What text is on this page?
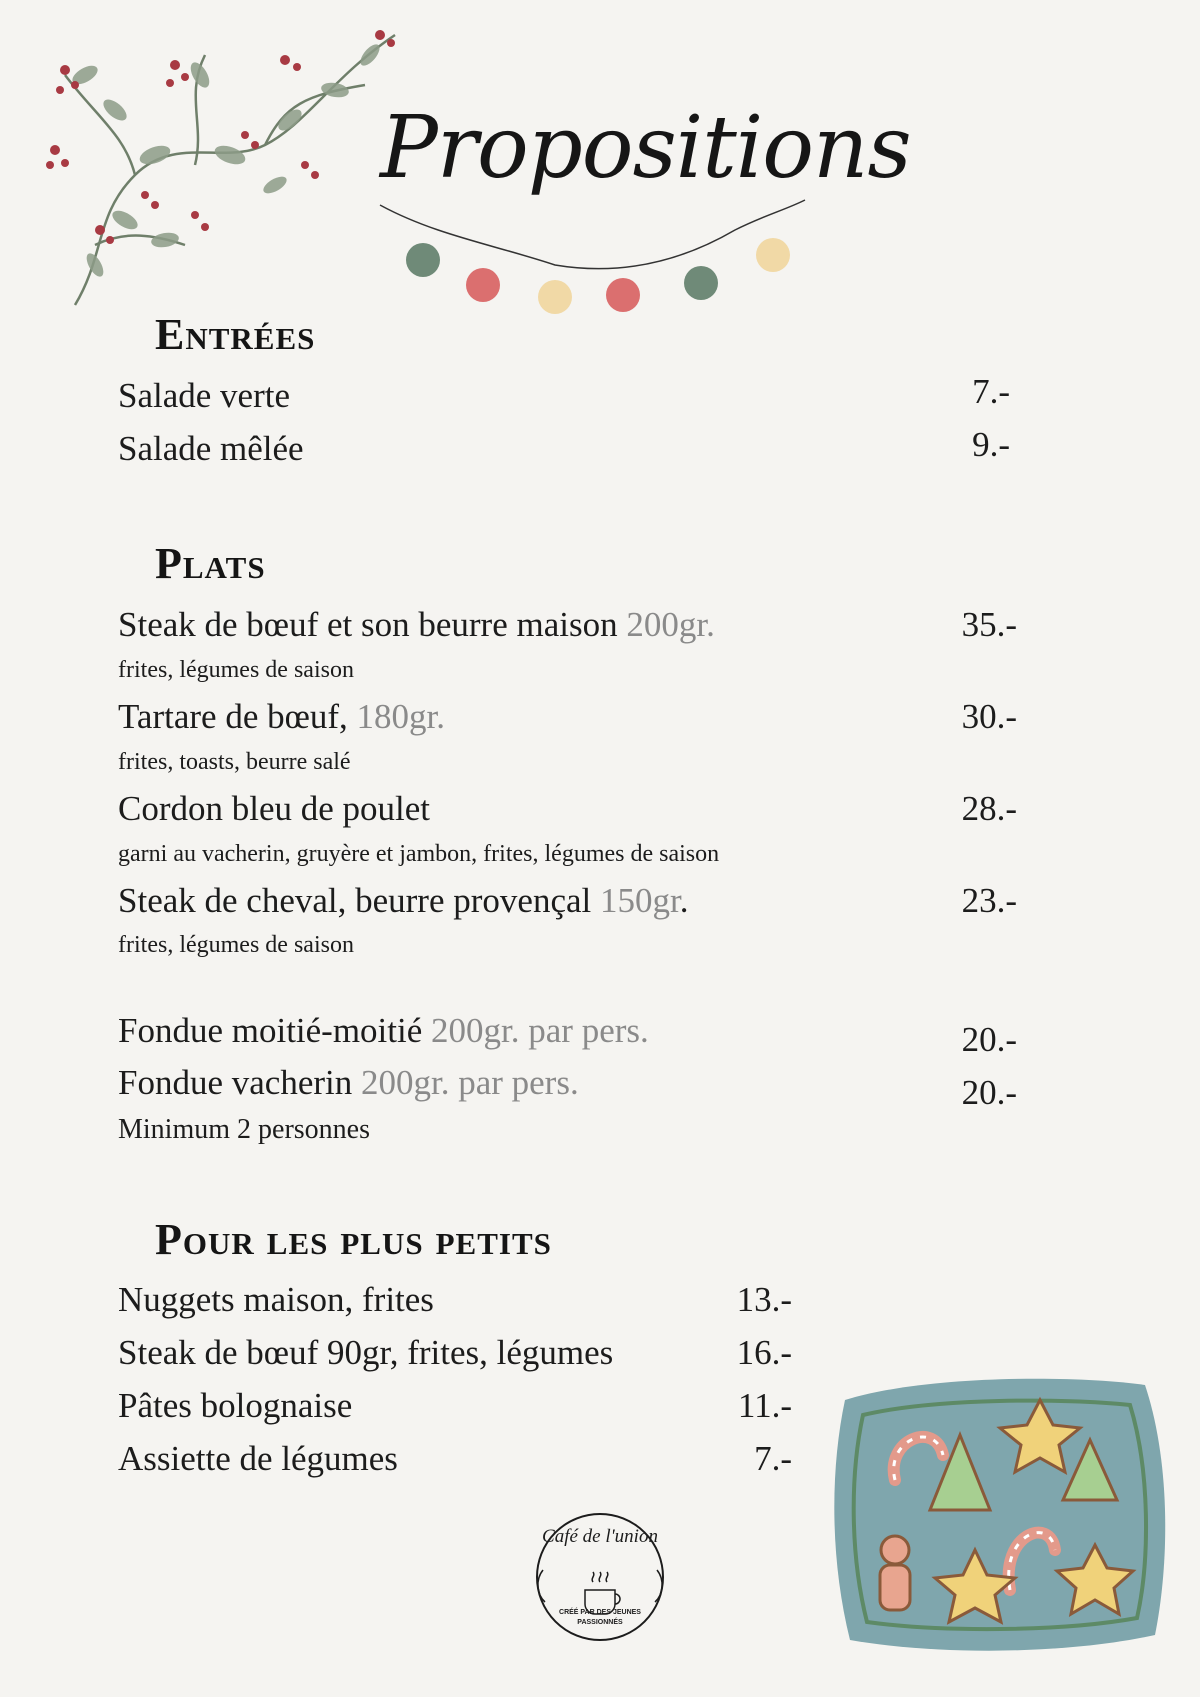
Propositions
Entrées
Salade verte	7.-
Salade mêlée	9.-
Plats
Steak de bœuf et son beurre maison 200gr.	35.-
frites, légumes de saison
Tartare de bœuf, 180gr.	30.-
frites, toasts, beurre salé
Cordon bleu de poulet	28.-
garni au vacherin, gruyère et jambon, frites, légumes de saison
Steak de cheval, beurre provençal 150gr.	23.-
frites, légumes de saison
Fondue moitié-moitié 200gr. par pers.	20.-
Fondue vacherin 200gr. par pers.	20.-
Minimum 2 personnes
Pour les plus petits
Nuggets maison, frites	13.-
Steak de bœuf 90gr, frites, légumes	16.-
Pâtes bolognaise	11.-
Assiette de légumes	7.-
Café de l'union
CRÉÉ PAR DES JEUNES
PASSIONNÉS
